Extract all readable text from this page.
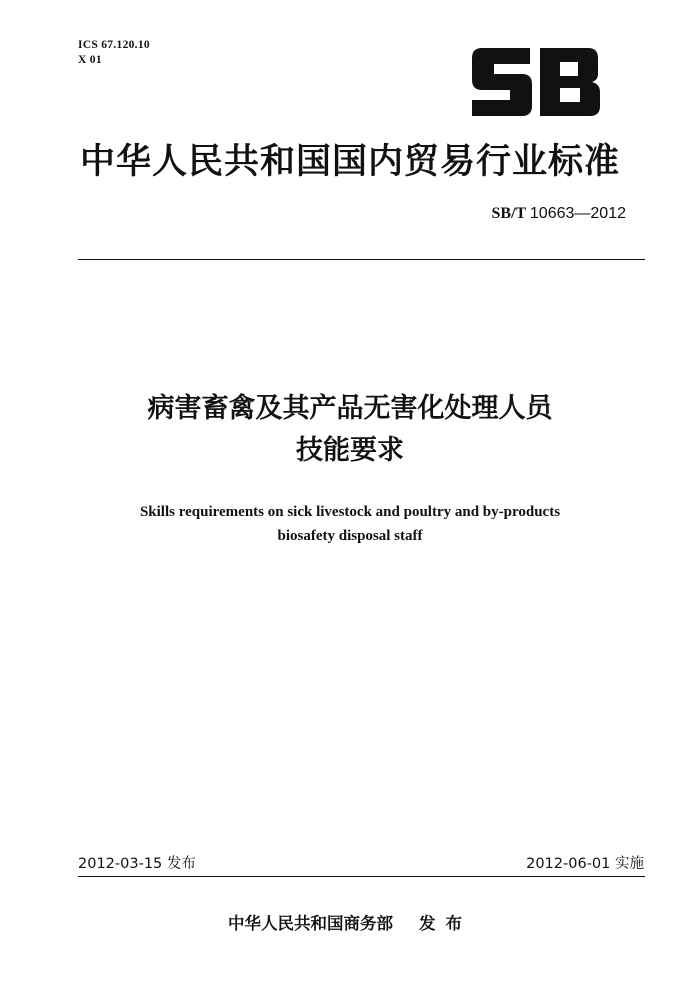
ICS 67.120.10
X 01
中华人民共和国国内贸易行业标准
SB/T 10663—2012
病害畜禽及其产品无害化处理人员
技能要求
Skills requirements on sick livestock and poultry and by-products
biosafety disposal staff
2012-03-15 发布	2012-06-01 实施
中华人民共和国商务部 发布
